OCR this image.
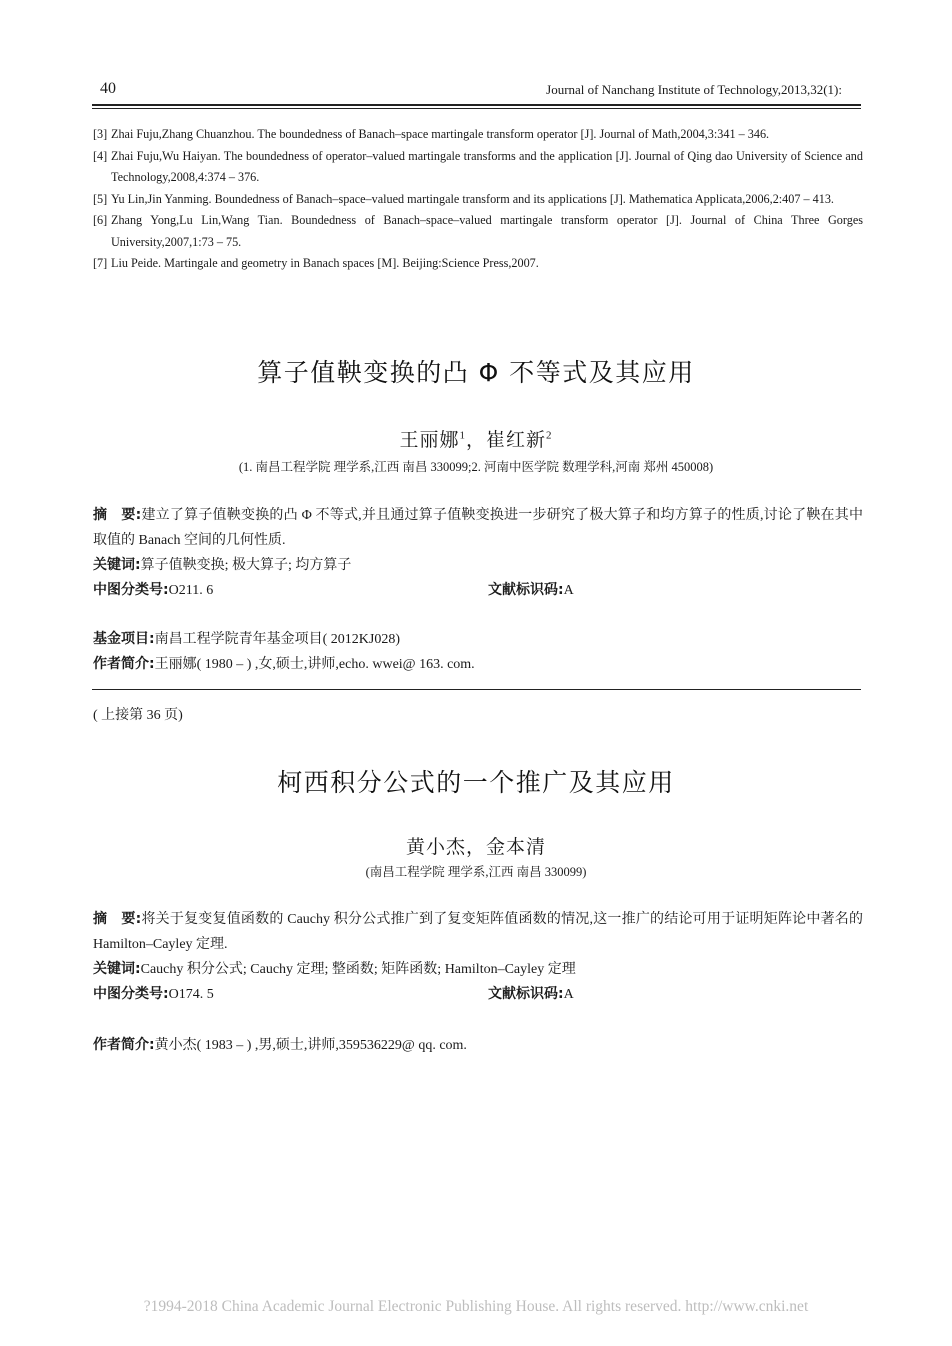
40	Journal of Nanchang Institute of Technology,2013,32(1):
[3] Zhai Fuju,Zhang Chuanzhou. The boundedness of Banach–space martingale transform operator [J]. Journal of Math,2004,3:341 – 346.
[4] Zhai Fuju,Wu Haiyan. The boundedness of operator–valued martingale transforms and the application [J]. Journal of Qing dao University of Science and Technology,2008,4:374 – 376.
[5] Yu Lin,Jin Yanming. Boundedness of Banach–space–valued martingale transform and its applications [J]. Mathematica Applicata,2006,2:407 – 413.
[6] Zhang Yong,Lu Lin,Wang Tian. Boundedness of Banach–space–valued martingale transform operator [J]. Journal of China Three Gorges University,2007,1:73 – 75.
[7] Liu Peide. Martingale and geometry in Banach spaces [M]. Beijing:Science Press,2007.
算子值鞅变换的凸 Φ 不等式及其应用
王丽娜$^1$，崔红新$^2$
(1. 南昌工程学院 理学系,江西 南昌 330099;2. 河南中医学院 数理学科,河南 郑州 450008)
摘　要:建立了算子值鞅变换的凸 Φ 不等式,并且通过算子值鞅变换进一步研究了极大算子和均方算子的性质,讨论了鞅在其中取值的 Banach 空间的几何性质.
关键词:算子值鞅变换; 极大算子; 均方算子
中图分类号:O211. 6	文献标识码:A
基金项目:南昌工程学院青年基金项目( 2012KJ028)
作者简介:王丽娜( 1980 – ) ,女,硕士,讲师,echo. wwei@ 163. com.
( 上接第 36 页)
柯西积分公式的一个推广及其应用
黄小杰，金本清
(南昌工程学院 理学系,江西 南昌 330099)
摘　要:将关于复变复值函数的 Cauchy 积分公式推广到了复变矩阵值函数的情况,这一推广的结论可用于证明矩阵论中著名的 Hamilton–Cayley 定理.
关键词:Cauchy 积分公式; Cauchy 定理; 整函数; 矩阵函数; Hamilton–Cayley 定理
中图分类号:O174. 5	文献标识码:A
作者简介:黄小杰( 1983 – ) ,男,硕士,讲师,359536229@ qq. com.
?1994-2018 China Academic Journal Electronic Publishing House. All rights reserved. http://www.cnki.net
